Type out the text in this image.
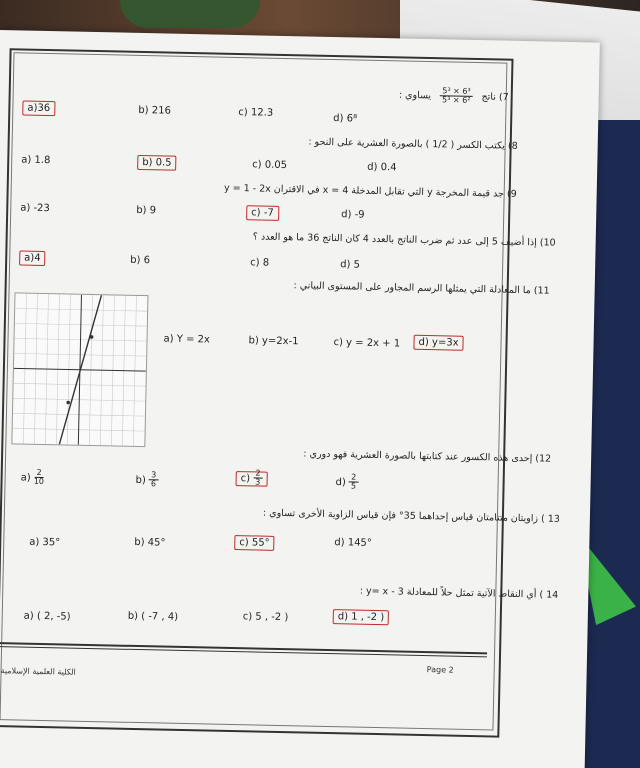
7) ناتج
$\frac{\text{6³ × 5³}}{\text{6² × 5³}}$
يساوي :
a)36	b) 216	c) 12.3
d) 6⁸
8) يكتب الكسر ( 1/2 ) بالصورة العشرية على النحو :
a) 1.8	b) 0.5	c) 0.05	d) 0.4
9) جد قيمة المخرجة y التي تقابل المدخلة x = 4 في الاقتران y = 1 - 2x
a) -23	b) 9	c) -7	d) -9
10) إذا أضيف 5 إلى عدد ثم ضرب الناتج بالعدد 4 كان الناتج 36 ما هو العدد ؟
a)4	b) 6	c) 8	d) 5
11) ما المعادلة التي يمثلها الرسم المجاور على المستوى البياني :
a) Y = 2x	b) y=2x-1	c) y = 2x + 1	d) y=3x
12) إحدى هذه الكسور عند كتابتها بالصورة العشرية فهو دوري :
$a) \frac{2}{10}$	$b) \frac{3}{6}$	$c) \frac{2}{3}$	$d) \frac{2}{5}$
13 ) زاويتان متتامتان قياس إحداهما 35° فإن قياس الزاوية الأخرى تساوي :
a) 35°	b) 45°	c) 55°	d) 145°
14 ) أي النقاط الآتية تمثل حلاً للمعادلة y= x - 3 :
a) ( 2, -5)	b) ( -7 , 4)	c) 5 , -2 )	d) 1 , -2 )
Page 2
الكلية العلمية الإسلامية
